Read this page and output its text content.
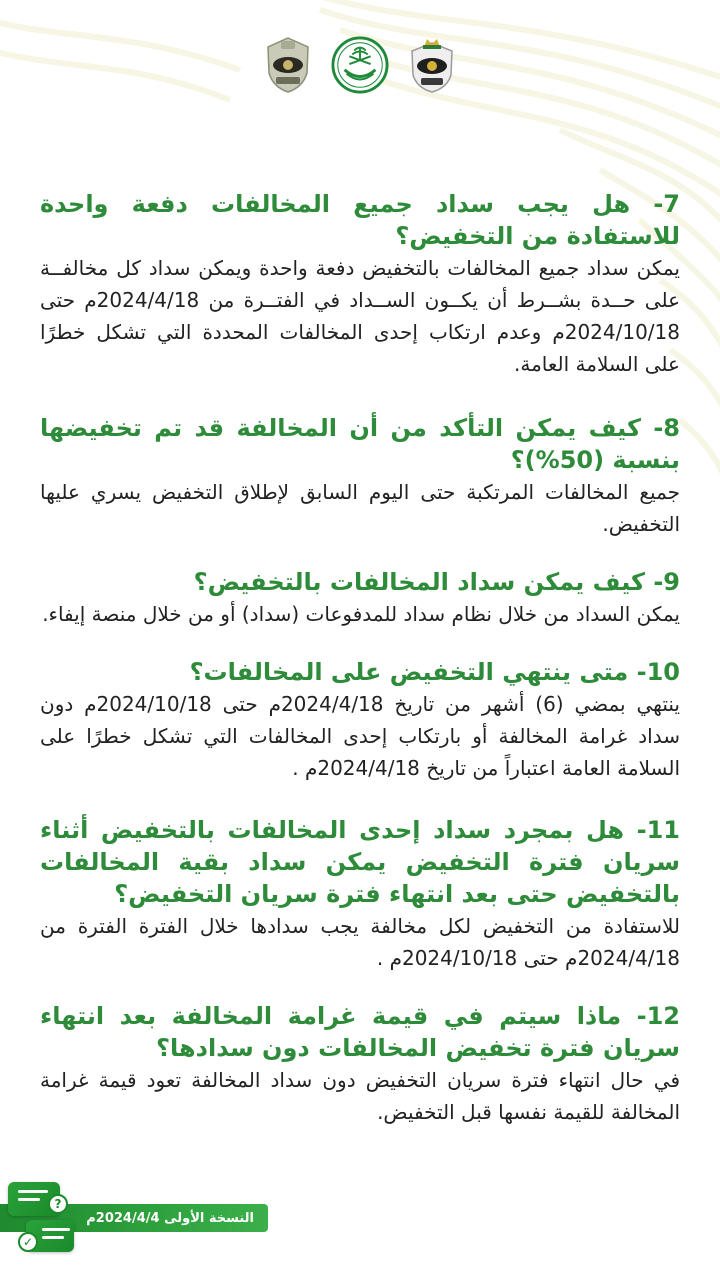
7- هل يجب سداد جميع المخالفات دفعة واحدة للاستفادة من التخفيض؟

يمكن سداد جميع المخالفات بالتخفيض دفعة واحدة ويمكن سداد كل مخالفــة على حــدة بشــرط أن يكــون الســداد في الفتــرة من 2024/4/18م حتى 2024/10/18م وعدم ارتكاب إحدى المخالفات المحددة التي تشكل خطرًا على السلامة العامة.

8- كيف يمكن التأكد من أن المخالفة قد تم تخفيضها بنسبة (50%)؟

جميع المخالفات المرتكبة حتى اليوم السابق لإطلاق التخفيض يسري عليها التخفيض.

9- كيف يمكن سداد المخالفات بالتخفيض؟

يمكن السداد من خلال نظام سداد للمدفوعات (سداد) أو من خلال منصة إيفاء.

10- متى ينتهي التخفيض على المخالفات؟

ينتهي بمضي (6) أشهر من تاريخ 2024/4/18م حتى 2024/10/18م دون سداد غرامة المخالفة أو بارتكاب إحدى المخالفات التي تشكل خطرًا على السلامة العامة اعتباراً من تاريخ 2024/4/18م .

11- هل بمجرد سداد إحدى المخالفات بالتخفيض أثناء سريان فترة التخفيض يمكن سداد بقية المخالفات بالتخفيض حتى بعد انتهاء فترة سريان التخفيض؟

للاستفادة من التخفيض لكل مخالفة يجب سدادها خلال الفترة الفترة من 2024/4/18م حتى 2024/10/18م .

12- ماذا سيتم في قيمة غرامة المخالفة بعد انتهاء سريان فترة تخفيض المخالفات دون سدادها؟

في حال انتهاء فترة سريان التخفيض دون سداد المخالفة تعود قيمة غرامة المخالفة للقيمة نفسها قبل التخفيض.

النسخة الأولى 2024/4/4م
?
✓
